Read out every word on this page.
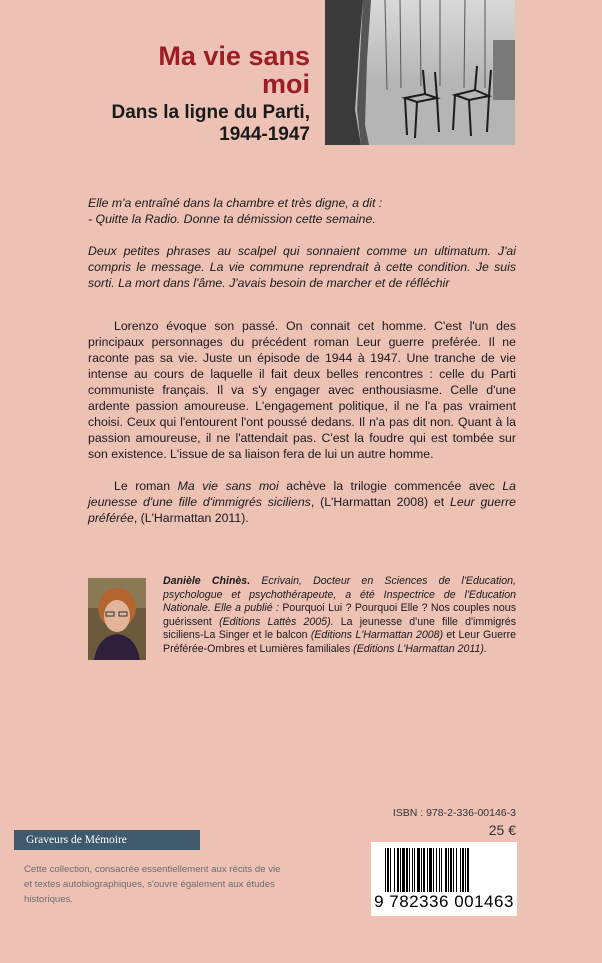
Ma vie sans
moi
Dans la ligne du Parti,
1944-1947

Elle m'a entraîné dans la chambre et très digne, a dit :

- Quitte la Radio. Donne ta démission cette semaine.

Deux petites phrases au scalpel qui sonnaient comme un ultimatum. J'ai compris le message. La vie commune reprendrait à cette condition. Je suis sorti. La mort dans l'âme. J'avais besoin de marcher et de réfléchir

Lorenzo évoque son passé. On connait cet homme. C'est l'un des principaux personnages du précédent roman Leur guerre preférée. Il ne raconte pas sa vie. Juste un épisode de 1944 à 1947. Une tranche de vie intense au cours de laquelle il fait deux belles rencontres : celle du Parti communiste français. Il va s'y engager avec enthousiasme. Celle d'une ardente passion amoureuse. L'engagement politique, il ne l'a pas vraiment choisi. Ceux qui l'entourent l'ont poussé dedans. Il n'a pas dit non. Quant à la passion amoureuse, il ne l'attendait pas. C'est la foudre qui est tombée sur son existence. L'issue de sa liaison fera de lui un autre homme.

Le roman Ma vie sans moi achève la trilogie commencée avec La jeunesse d'une fille d'immigrés siciliens, (L'Harmattan 2008) et Leur guerre préférée, (L'Harmattan 2011).

Danièle Chinès. Ecrivain, Docteur en Sciences de l'Education, psychologue et psychothérapeute, a été Inspectrice de l'Education Nationale. Elle a publié : Pourquoi Lui ? Pourquoi Elle ? Nos couples nous guérissent (Editions Lattès 2005). La jeunesse d'une fille d'immigrés siciliens-La Singer et le balcon (Editions L'Harmattan 2008) et Leur Guerre Préférée-Ombres et Lumières familiales (Editions L'Harmattan 2011).
ISBN : 978-2-336-00146-3
25 €
Graveurs de Mémoire
Cette collection, consacrée essentiellement aux récits de vie et textes autobiographiques, s'ouvre également aux études historiques.	9 782336 001463
